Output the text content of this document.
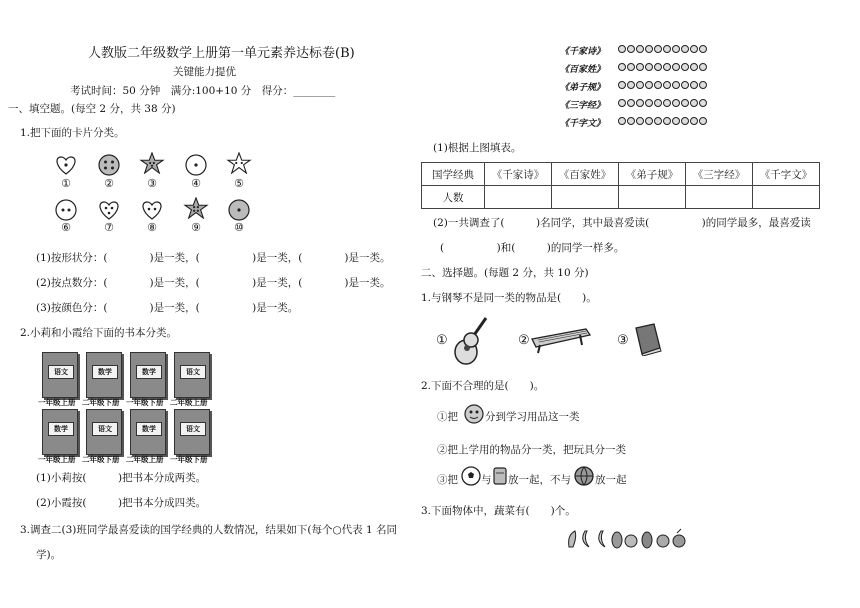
人教版二年级数学上册第一单元素养达标卷(B)
关键能力提优
考试时间：50 分钟　满分:100+10 分　得分：________
一、填空题。(每空 2 分，共 38 分)
1.把下面的卡片分类。
①	②	③	④	⑤
⑥	⑦	⑧	⑨	⑩
(1)按形状分：(　　　　)是一类，(　　　　　)是一类，(　　　　)是一类。
(2)按点数分：(　　　　)是一类，(　　　　　)是一类，(　　　　)是一类。
(3)按颜色分：(　　　　)是一类，(　　　　　)是一类。
2.小莉和小霞给下面的书本分类。
语文	数学	数学	语文
一年级上册 二年级下册 一年级下册 二年级上册
数学	语文	数学	语文
一年级上册 二年级下册 二年级上册 一年级下册
(1)小莉按(　　　)把书本分成两类。
(2)小霞按(　　　)把书本分成四类。
3.调查二(3)班同学最喜爱读的国学经典的人数情况，结果如下(每个○代表 1 名同
学)。
《千家诗》
《百家姓》
《弟子规》
《三字经》
《千字文》
(1)根据上图填表。
国学经典	《千家诗》	《百家姓》	《弟子规》	《三字经》	《千字文》
人数					
(2)一共调查了(　　　)名同学，其中最喜爱读(　　　　　)的同学最多，最喜爱读
(　　　　　)和(　　　)的同学一样多。
二、选择题。(每题 2 分，共 10 分)
1.与钢琴不是同一类的物品是(　　)。
①	②	③
2.下面不合理的是(　　)。
①把	分到学习用品这一类
②把上学用的物品分一类，把玩具分一类
③把 与 放一起，不与 放一起
3.下面物体中，蔬菜有(　　)个。
